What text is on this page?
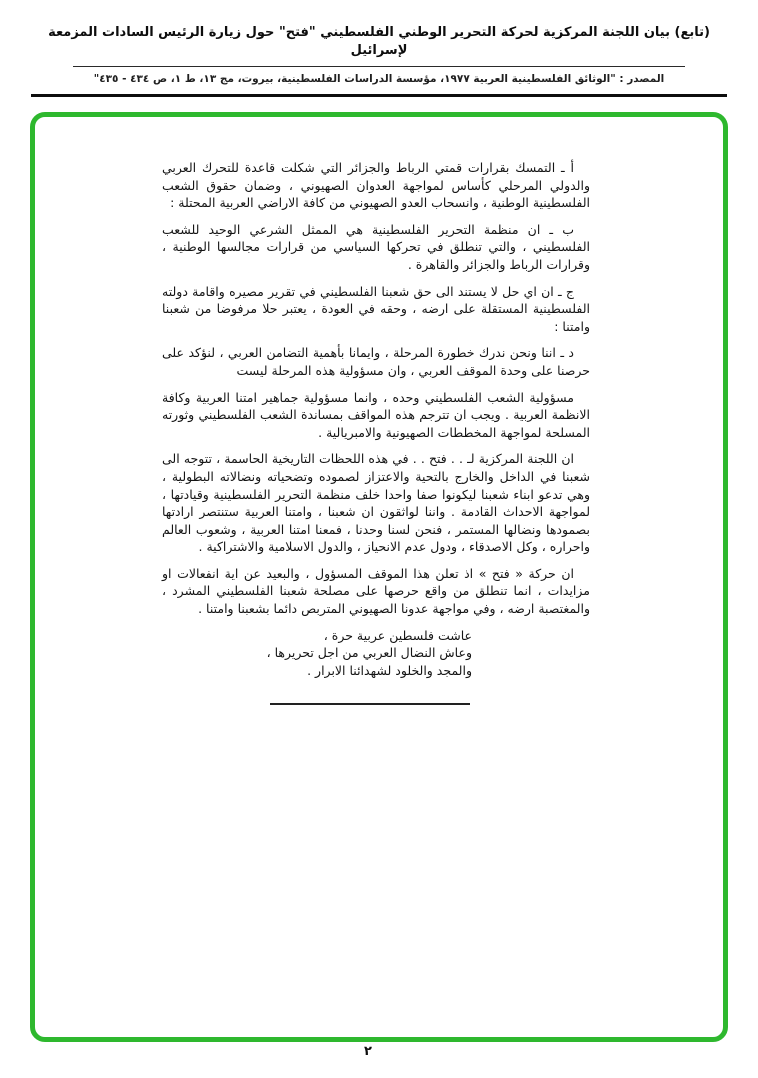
(تابع) بيان اللجنة المركزية لحركة التحرير الوطني الفلسطيني "فتح" حول زيارة الرئيس السادات المزمعة لإسرائيل
المصدر : "الوثائق الفلسطينية العربية ١٩٧٧، مؤسسة الدراسات الفلسطينية، بيروت، مج ١٣، ط ١، ص ٤٣٤ - ٤٣٥"

أ ـ التمسك بقرارات قمتي الرباط والجزائر التي شكلت قاعدة للتحرك العربي والدولي المرحلي كأساس لمواجهة العدوان الصهيوني ، وضمان حقوق الشعب الفلسطينية الوطنية ، وانسحاب العدو الصهيوني من كافة الاراضي العربية المحتلة :

ب ـ ان منظمة التحرير الفلسطينية هي الممثل الشرعي الوحيد للشعب الفلسطيني ، والتي تنطلق في تحركها السياسي من قرارات مجالسها الوطنية ، وقرارات الرباط والجزائر والقاهرة .

ج ـ ان اي حل لا يستند الى حق شعبنا الفلسطيني في تقرير مصيره واقامة دولته الفلسطينية المستقلة على ارضه ، وحقه في العودة ، يعتبر حلا مرفوضا من شعبنا وامتنا :

د ـ اننا ونحن ندرك خطورة المرحلة ، وايمانا بأهمية التضامن العربي ، لنؤكد على حرصنا على وحدة الموقف العربي ، وان مسؤولية هذه المرحلة ليست

مسؤولية الشعب الفلسطيني وحده ، وانما مسؤولية جماهير امتنا العربية وكافة الانظمة العربية . ويجب ان تترجم هذه المواقف بمساندة الشعب الفلسطيني وثورته المسلحة لمواجهة المخططات الصهيونية والامبريالية .

ان اللجنة المركزية لـ . . فتح . . في هذه اللحظات التاريخية الحاسمة ، تتوجه الى شعبنا في الداخل والخارج بالتحية والاعتزاز لصموده وتضحياته ونضالاته البطولية ، وهي تدعو ابناء شعبنا ليكونوا صفا واحدا خلف منظمة التحرير الفلسطينية وقيادتها ، لمواجهة الاحداث القادمة . واننا لواثقون ان شعبنا ، وامتنا العربية ستنتصر ارادتها بصمودها ونضالها المستمر ، فنحن لسنا وحدنا ، فمعنا امتنا العربية ، وشعوب العالم واحراره ، وكل الاصدقاء ، ودول عدم الانحياز ، والدول الاسلامية والاشتراكية .

ان حركة « فتح » اذ تعلن هذا الموقف المسؤول ، والبعيد عن اية انفعالات او مزايدات ، انما تنطلق من واقع حرصها على مصلحة شعبنا الفلسطيني المشرد ، والمغتصبة ارضه ، وفي مواجهة عدونا الصهيوني المتربص دائما بشعبنا وامتنا .

عاشت فلسطين عربية حرة ،

وعاش النضال العربي من اجل تحريرها ،

والمجد والخلود لشهدائنا الابرار .

٢
